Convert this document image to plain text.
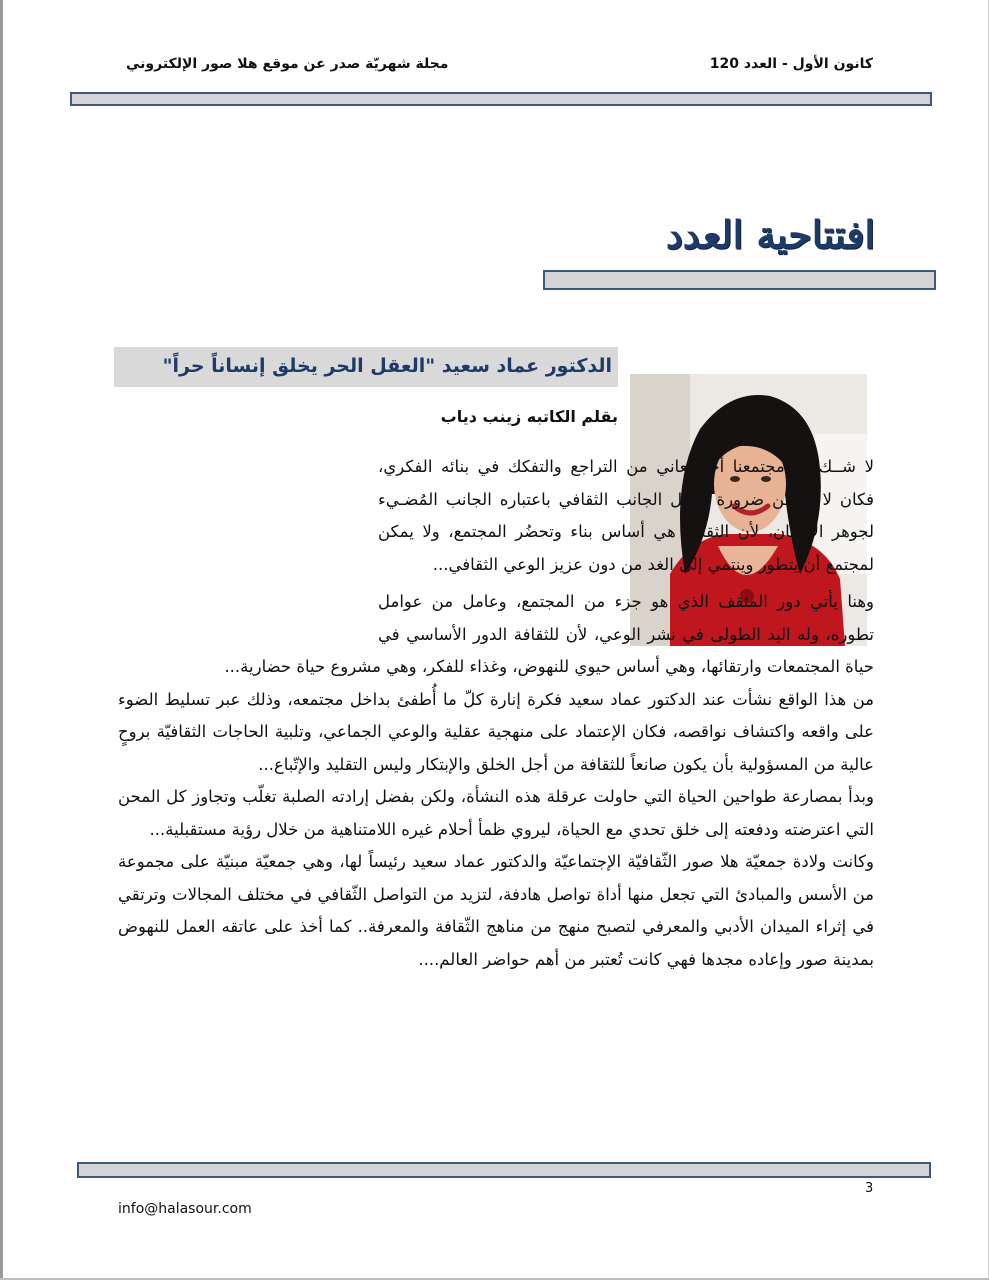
كانون الأول - العدد 120
مجلة شهريّة صدر عن موقع هلا صور الإلكتروني
افتتاحية العدد
الدكتور عماد سعيد "العقل الحر يخلق إنساناً حراً"
بقلم الكاتبه زينب دياب

لا شــك أن مجتمعنا أخذ يُعاني من التراجع والتفكك في بنائه الفكري، فكان لا بدّ من ضرورة تفعيل الجانب الثقافي باعتباره الجانب المُضـيء لجوهر الإنسان، لأن الثقافة هي أساس بناء وتحضُر المجتمع، ولا يمكن لمجتمع أن يتطور وينتمي إلى الغد من دون عزيز الوعي الثقافي...

وهنا يأتي دور المثقف الذي هو جزء من المجتمع، وعامل من عوامل تطوره، وله اليد الطولى في نشر الوعي، لأن للثقافة الدور الأساسي في حياة المجتمعات وارتقائها، وهي أساس حيوي للنهوض، وغذاء للفكر، وهي مشروع حياة حضارية...

من هذا الواقع نشأت عند الدكتور عماد سعيد فكرة إنارة كلّ ما أُطفئ بداخل مجتمعه، وذلك عبر تسليط الضوء على واقعه واكتشاف نواقصه، فكان الإعتماد على منهجية عقلية والوعي الجماعي، وتلبية الحاجات الثقافيّة بروحٍ عالية من المسؤولية بأن يكون صانعاً للثقافة من أجل الخلق والإبتكار وليس التقليد والإتّباع...

وبدأ بمصارعة طواحين الحياة التي حاولت عرقلة هذه النشأة، ولكن بفضل إرادته الصلبة تغلّب وتجاوز كل المحن التي اعترضته ودفعته إلى خلق تحدي مع الحياة، ليروي ظمأ أحلام غيره اللامتناهية من خلال رؤية مستقبلية...

وكانت ولادة جمعيّة هلا صور الثّقافيّة الإجتماعيّة والدكتور عماد سعيد رئيساً لها، وهي جمعيّة مبنيّة على مجموعة من الأسس والمبادئ التي تجعل منها أداة تواصل هادفة، لتزيد من التواصل الثّقافي في مختلف المجالات وترتقي في إثراء الميدان الأدبي والمعرفي لتصبح منهج من مناهج الثّقافة والمعرفة.. كما أخذ على عاتقه العمل للنهوض بمدينة صور وإعاده مجدها فهي كانت تُعتبر من أهم حواضر العالم....

3
info@halasour.com
